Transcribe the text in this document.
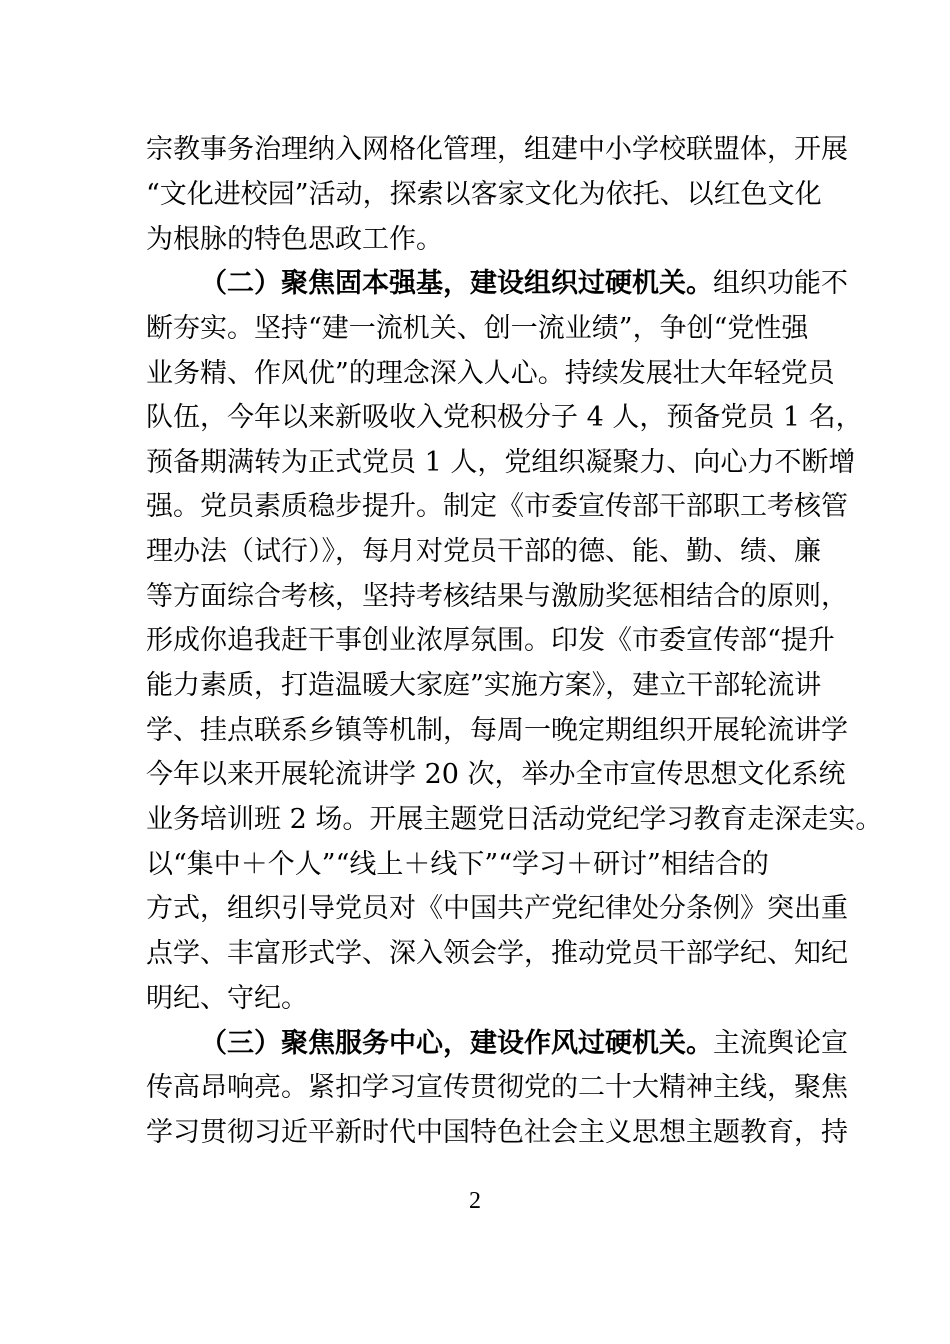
宗教事务治理纳入网格化管理，组建中小学校联盟体，开展
“文化进校园”活动，探索以客家文化为依托、以红色文化
为根脉的特色思政工作。
（二）聚焦固本强基，建设组织过硬机关。组织功能不
断夯实。坚持“建一流机关、创一流业绩”，争创“党性强
业务精、作风优”的理念深入人心。持续发展壮大年轻党员
队伍，今年以来新吸收入党积极分子 4 人，预备党员 1 名，
预备期满转为正式党员 1 人，党组织凝聚力、向心力不断增
强。党员素质稳步提升。制定《市委宣传部干部职工考核管
理办法（试行）》，每月对党员干部的德、能、勤、绩、廉
等方面综合考核，坚持考核结果与激励奖惩相结合的原则，
形成你追我赶干事创业浓厚氛围。印发《市委宣传部“提升
能力素质，打造温暖大家庭”实施方案》，建立干部轮流讲
学、挂点联系乡镇等机制，每周一晚定期组织开展轮流讲学
今年以来开展轮流讲学 20 次，举办全市宣传思想文化系统
业务培训班 2 场。开展主题党日活动党纪学习教育走深走实。
以“集中＋个人”“线上＋线下”“学习＋研讨”相结合的
方式，组织引导党员对《中国共产党纪律处分条例》突出重
点学、丰富形式学、深入领会学，推动党员干部学纪、知纪
明纪、守纪。
（三）聚焦服务中心，建设作风过硬机关。主流舆论宣
传高昂响亮。紧扣学习宣传贯彻党的二十大精神主线，聚焦
学习贯彻习近平新时代中国特色社会主义思想主题教育，持
2
